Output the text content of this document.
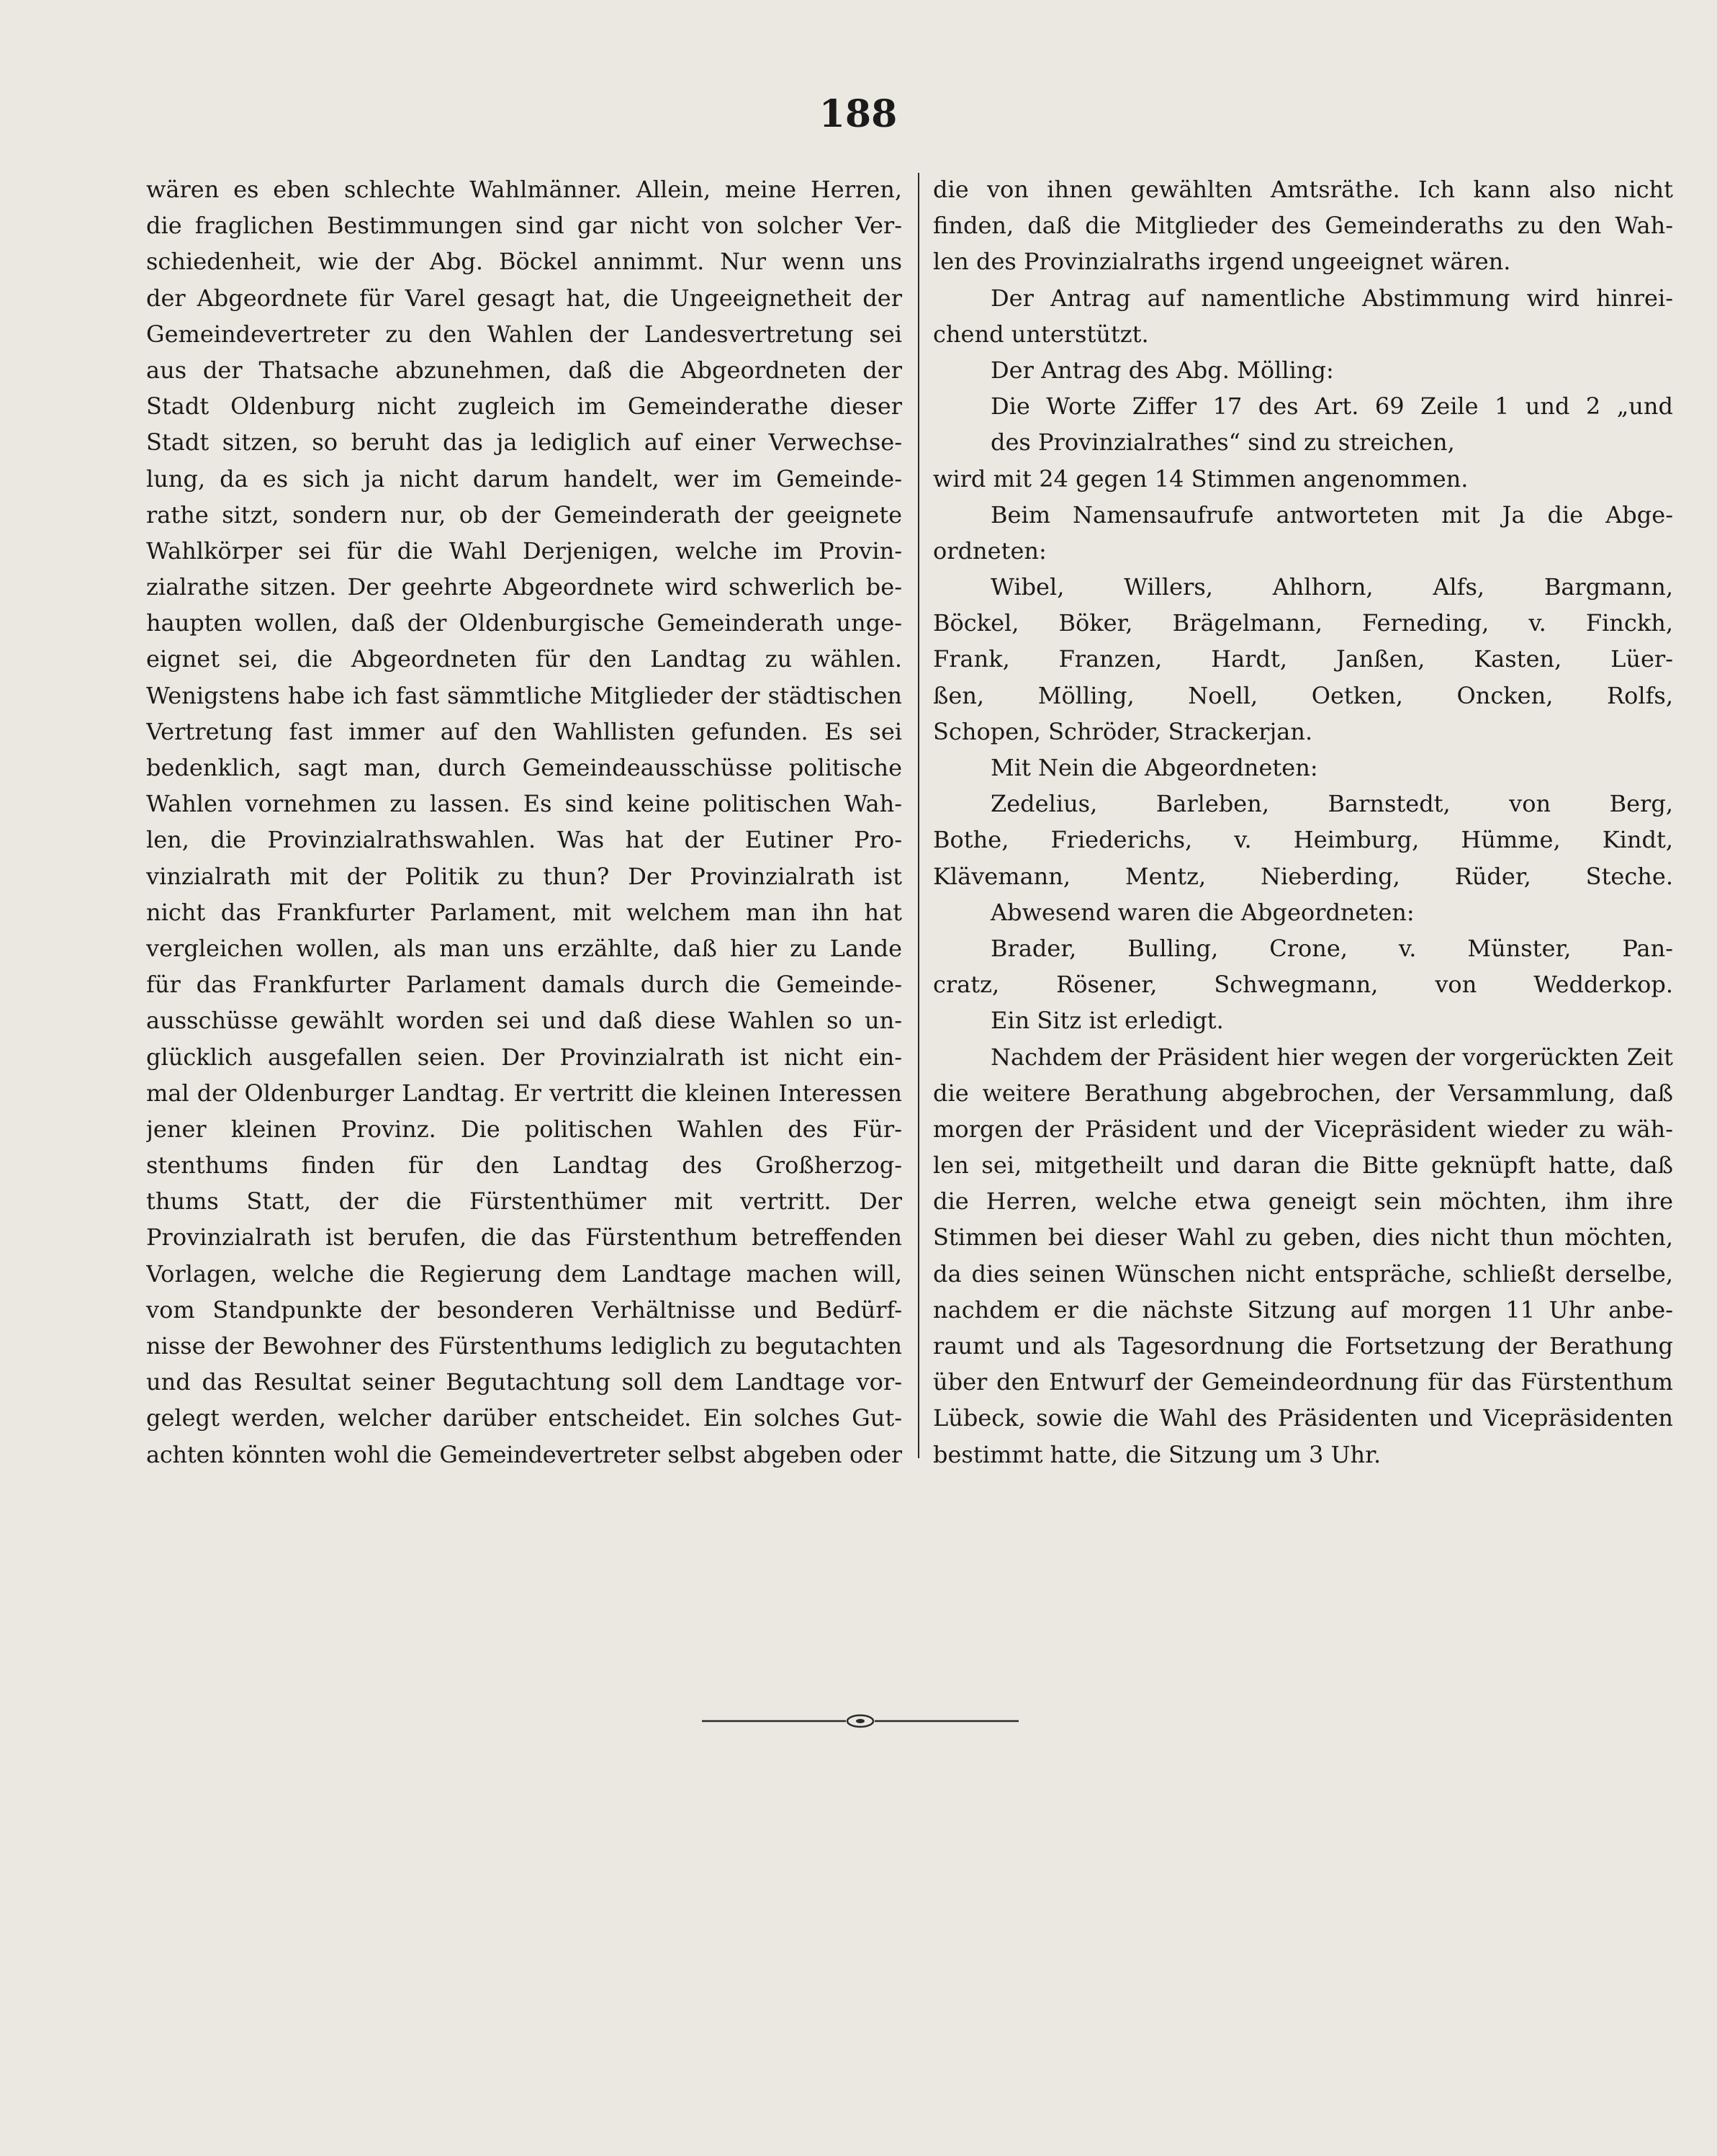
188
wären es eben schlechte Wahlmänner. Allein, meine Herren,
die fraglichen Bestimmungen sind gar nicht von solcher Ver-
schiedenheit, wie der Abg. Böckel annimmt. Nur wenn uns
der Abgeordnete für Varel gesagt hat, die Ungeeignetheit der
Gemeindevertreter zu den Wahlen der Landesvertretung sei
aus der Thatsache abzunehmen, daß die Abgeordneten der
Stadt Oldenburg nicht zugleich im Gemeinderathe dieser
Stadt sitzen, so beruht das ja lediglich auf einer Verwechse-
lung, da es sich ja nicht darum handelt, wer im Gemeinde-
rathe sitzt, sondern nur, ob der Gemeinderath der geeignete
Wahlkörper sei für die Wahl Derjenigen, welche im Provin-
zialrathe sitzen. Der geehrte Abgeordnete wird schwerlich be-
haupten wollen, daß der Oldenburgische Gemeinderath unge-
eignet sei, die Abgeordneten für den Landtag zu wählen.
Wenigstens habe ich fast sämmtliche Mitglieder der städtischen
Vertretung fast immer auf den Wahllisten gefunden. Es sei
bedenklich, sagt man, durch Gemeindeausschüsse politische
Wahlen vornehmen zu lassen. Es sind keine politischen Wah-
len, die Provinzialrathswahlen. Was hat der Eutiner Pro-
vinzialrath mit der Politik zu thun? Der Provinzialrath ist
nicht das Frankfurter Parlament, mit welchem man ihn hat
vergleichen wollen, als man uns erzählte, daß hier zu Lande
für das Frankfurter Parlament damals durch die Gemeinde-
ausschüsse gewählt worden sei und daß diese Wahlen so un-
glücklich ausgefallen seien. Der Provinzialrath ist nicht ein-
mal der Oldenburger Landtag. Er vertritt die kleinen Interessen
jener kleinen Provinz. Die politischen Wahlen des Für-
stenthums finden für den Landtag des Großherzog-
thums Statt, der die Fürstenthümer mit vertritt. Der
Provinzialrath ist berufen, die das Fürstenthum betreffenden
Vorlagen, welche die Regierung dem Landtage machen will,
vom Standpunkte der besonderen Verhältnisse und Bedürf-
nisse der Bewohner des Fürstenthums lediglich zu begutachten
und das Resultat seiner Begutachtung soll dem Landtage vor-
gelegt werden, welcher darüber entscheidet. Ein solches Gut-
achten könnten wohl die Gemeindevertreter selbst abgeben oder
die von ihnen gewählten Amtsräthe. Ich kann also nicht
finden, daß die Mitglieder des Gemeinderaths zu den Wah-
len des Provinzialraths irgend ungeeignet wären.
Der Antrag auf namentliche Abstimmung wird hinrei-
chend unterstützt.
Der Antrag des Abg. Mölling:
Die Worte Ziffer 17 des Art. 69 Zeile 1 und 2 „und
des Provinzialrathes“ sind zu streichen,
wird mit 24 gegen 14 Stimmen angenommen.
Beim Namensaufrufe antworteten mit Ja die Abge-
ordneten:
Wibel, Willers, Ahlhorn, Alfs, Bargmann,
Böckel, Böker, Brägelmann, Ferneding, v. Finckh,
Frank, Franzen, Hardt, Janßen, Kasten, Lüer-
ßen, Mölling, Noell, Oetken, Oncken, Rolfs,
Schopen, Schröder, Strackerjan.
Mit Nein die Abgeordneten:
Zedelius, Barleben, Barnstedt, von Berg,
Bothe, Friederichs, v. Heimburg, Hümme, Kindt,
Klävemann, Mentz, Nieberding, Rüder, Steche.
Abwesend waren die Abgeordneten:
Brader, Bulling, Crone, v. Münster, Pan-
cratz, Rösener, Schwegmann, von Wedderkop.
Ein Sitz ist erledigt.
Nachdem der Präsident hier wegen der vorgerückten Zeit
die weitere Berathung abgebrochen, der Versammlung, daß
morgen der Präsident und der Vicepräsident wieder zu wäh-
len sei, mitgetheilt und daran die Bitte geknüpft hatte, daß
die Herren, welche etwa geneigt sein möchten, ihm ihre
Stimmen bei dieser Wahl zu geben, dies nicht thun möchten,
da dies seinen Wünschen nicht entspräche, schließt derselbe,
nachdem er die nächste Sitzung auf morgen 11 Uhr anbe-
raumt und als Tagesordnung die Fortsetzung der Berathung
über den Entwurf der Gemeindeordnung für das Fürstenthum
Lübeck, sowie die Wahl des Präsidenten und Vicepräsidenten
bestimmt hatte, die Sitzung um 3 Uhr.
